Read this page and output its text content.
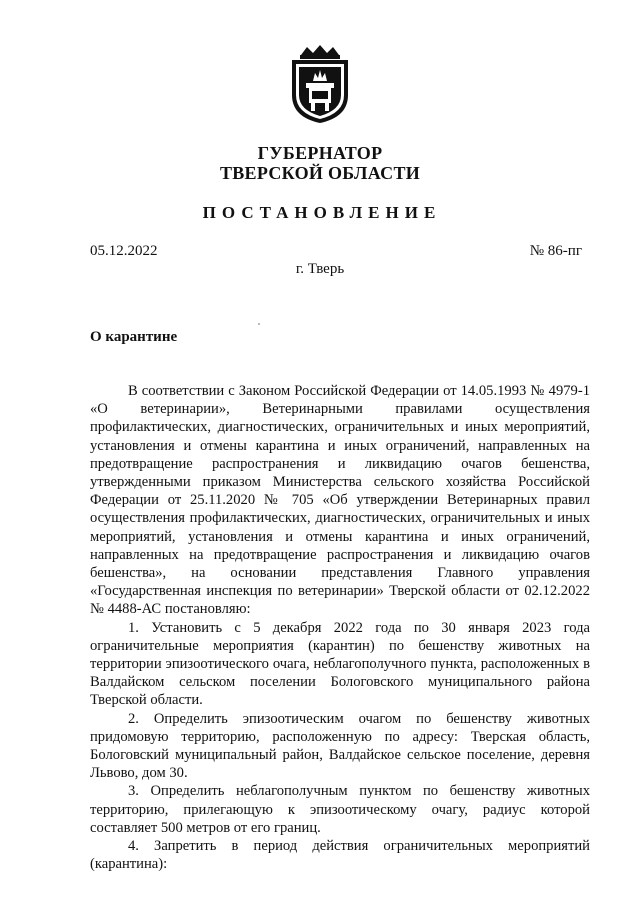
ГУБЕРНАТОР
ТВЕРСКОЙ ОБЛАСТИ
ПОСТАНОВЛЕНИЕ
05.12.2022	№ 86-пг
г. Тверь
О карантине

В соответствии с Законом Российской Федерации от 14.05.1993 № 4979-1 «О ветеринарии», Ветеринарными правилами осуществления профилактических, диагностических, ограничительных и иных мероприятий, установления и отмены карантина и иных ограничений, направленных на предотвращение распространения и ликвидацию очагов бешенства, утвержденными приказом Министерства сельского хозяйства Российской Федерации от 25.11.2020 № 705 «Об утверждении Ветеринарных правил осуществления профилактических, диагностических, ограничительных и иных мероприятий, установления и отмены карантина и иных ограничений, направленных на предотвращение распространения и ликвидацию очагов бешенства», на основании представления Главного управления «Государственная инспекция по ветеринарии» Тверской области от 02.12.2022 № 4488-АС постановляю:

1. Установить с 5 декабря 2022 года по 30 января 2023 года ограничительные мероприятия (карантин) по бешенству животных на территории эпизоотического очага, неблагополучного пункта, расположенных в Валдайском сельском поселении Бологовского муниципального района Тверской области.

2. Определить эпизоотическим очагом по бешенству животных придомовую территорию, расположенную по адресу: Тверская область, Бологовский муниципальный район, Валдайское сельское поселение, деревня Львово, дом 30.

3. Определить неблагополучным пунктом по бешенству животных территорию, прилегающую к эпизоотическому очагу, радиус которой составляет 500 метров от его границ.

4. Запретить в период действия ограничительных мероприятий (карантина):
